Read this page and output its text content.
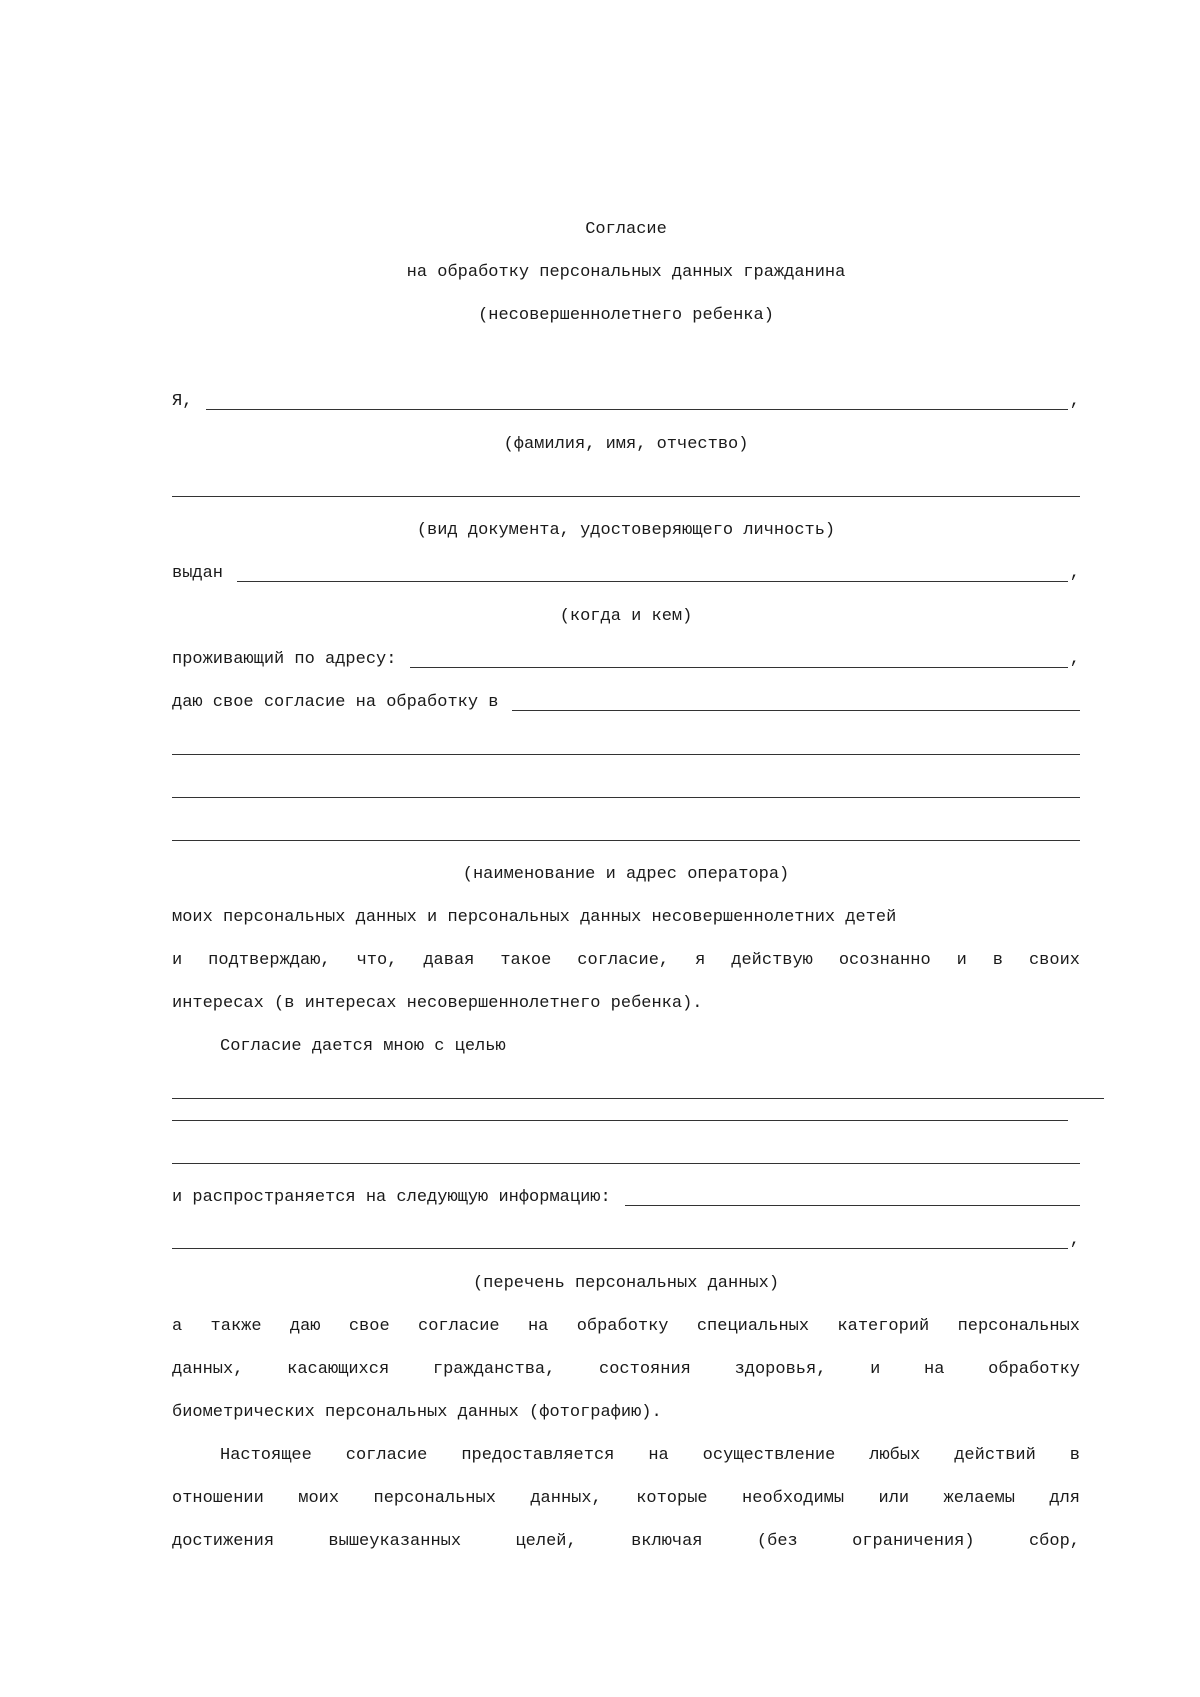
Согласие
на обработку персональных данных гражданина
(несовершеннолетнего ребенка)
Я,	,
(фамилия, имя, отчество)
(вид документа, удостоверяющего личность)
выдан	,
(когда и кем)
проживающий по адресу:	,
даю свое согласие на обработку в
(наименование и адрес оператора)
моих персональных данных и персональных данных несовершеннолетних детей
и подтверждаю, что, давая такое согласие, я действую осознанно и в своих
интересах (в интересах несовершеннолетнего ребенка).
Согласие дается мною с целью
и распространяется на следующую информацию:
,
(перечень персональных данных)
а также даю свое согласие на обработку специальных категорий персональных
данных, касающихся гражданства, состояния здоровья, и на обработку
биометрических персональных данных (фотографию).
Настоящее согласие предоставляется на осуществление любых действий в
отношении моих персональных данных, которые необходимы или желаемы для
достижения вышеуказанных целей, включая (без ограничения) сбор,
